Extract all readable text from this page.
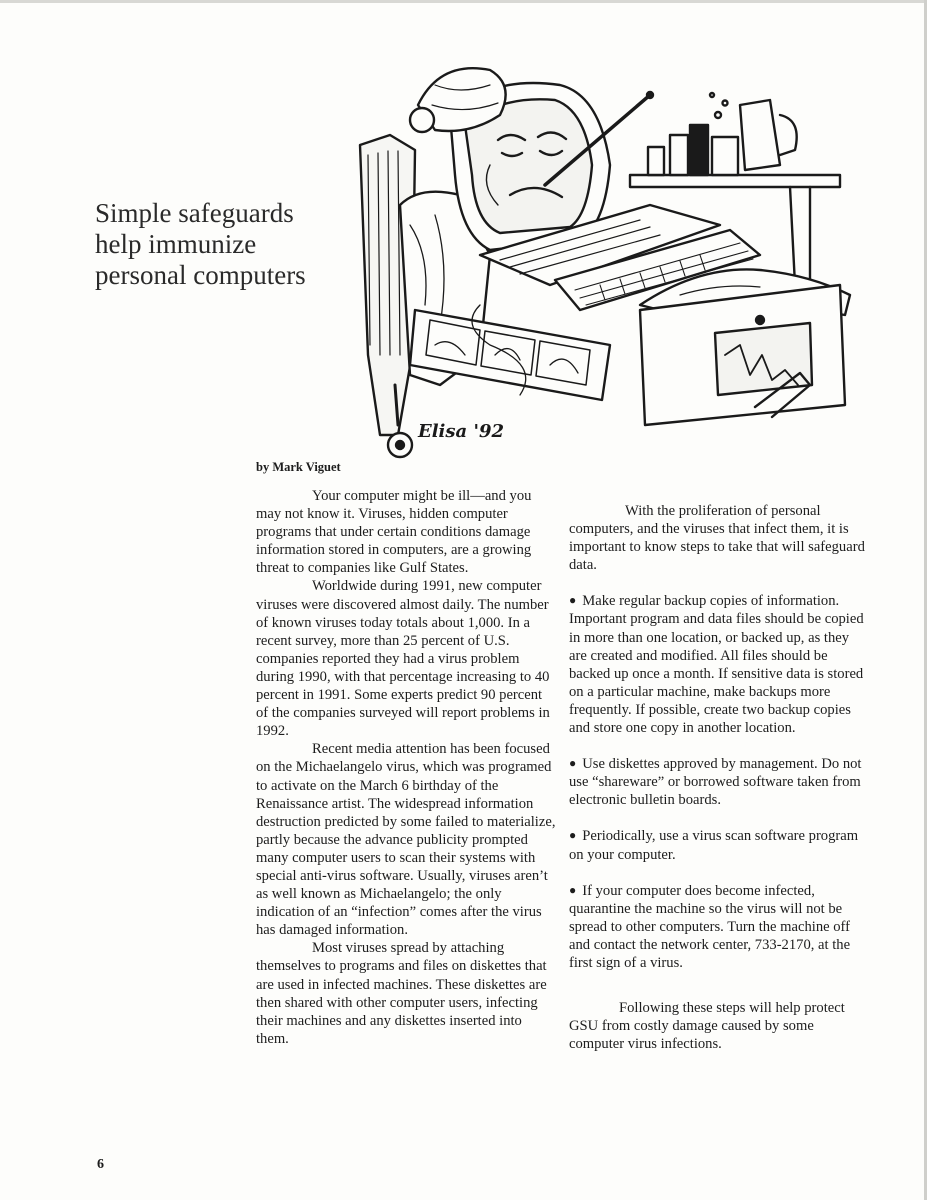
Simple safeguards
help immunize
personal computers
Elisa '92

by Mark Viguet

Your computer might be ill—and you may not know it. Viruses, hidden computer programs that under certain conditions damage information stored in computers, are a growing threat to companies like Gulf States.

Worldwide during 1991, new computer viruses were discovered almost daily. The number of known viruses today totals about 1,000. In a recent survey, more than 25 percent of U.S. companies reported they had a virus problem during 1990, with that percentage increasing to 40 percent in 1991. Some experts predict 90 percent of the companies surveyed will report problems in 1992.

Recent media attention has been focused on the Michaelangelo virus, which was programed to activate on the March 6 birthday of the Renaissance artist. The widespread information destruction predicted by some failed to materialize, partly because the advance publicity prompted many computer users to scan their systems with special anti-virus software. Usually, viruses aren’t as well known as Michaelangelo; the only indication of an “infection” comes after the virus has damaged information.

Most viruses spread by attaching themselves to programs and files on diskettes that are used in infected machines. These diskettes are then shared with other computer users, infecting their machines and any diskettes inserted into them.

With the proliferation of personal computers, and the viruses that infect them, it is important to know steps to take that will safeguard data.

● Make regular backup copies of information. Important program and data files should be copied in more than one location, or backed up, as they are created and modified. All files should be backed up once a month. If sensitive data is stored on a particular machine, make backups more frequently. If possible, create two backup copies and store one copy in another location.

● Use diskettes approved by management. Do not use “shareware” or borrowed software taken from electronic bulletin boards.

● Periodically, use a virus scan software program on your computer.

● If your computer does become infected, quarantine the machine so the virus will not be spread to other computers. Turn the machine off and contact the network center, 733-2170, at the first sign of a virus.

Following these steps will help protect GSU from costly damage caused by some computer virus infections.

6
